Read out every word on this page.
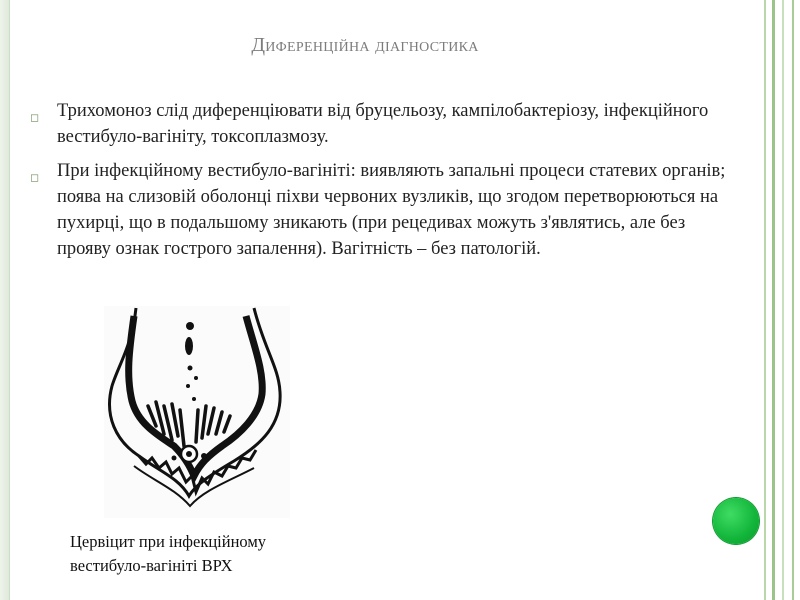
Диференційна діагностика
◻ Трихомоноз слід диференціювати від бруцельозу, кампілобактеріозу, інфекційного вестибуло-вагініту, токсоплазмозу.
◻ При інфекційному вестибуло-вагініті: виявляють запальні процеси статевих органів; поява на слизовій оболонці піхви червоних вузликів, що згодом перетворюються на пухирці, що в подальшому зникають (при рецедивах можуть з'являтись, але без прояву ознак гострого запалення). Вагітність – без патологій.
Цервіцит при інфекційному
вестибуло-вагініті ВРХ
